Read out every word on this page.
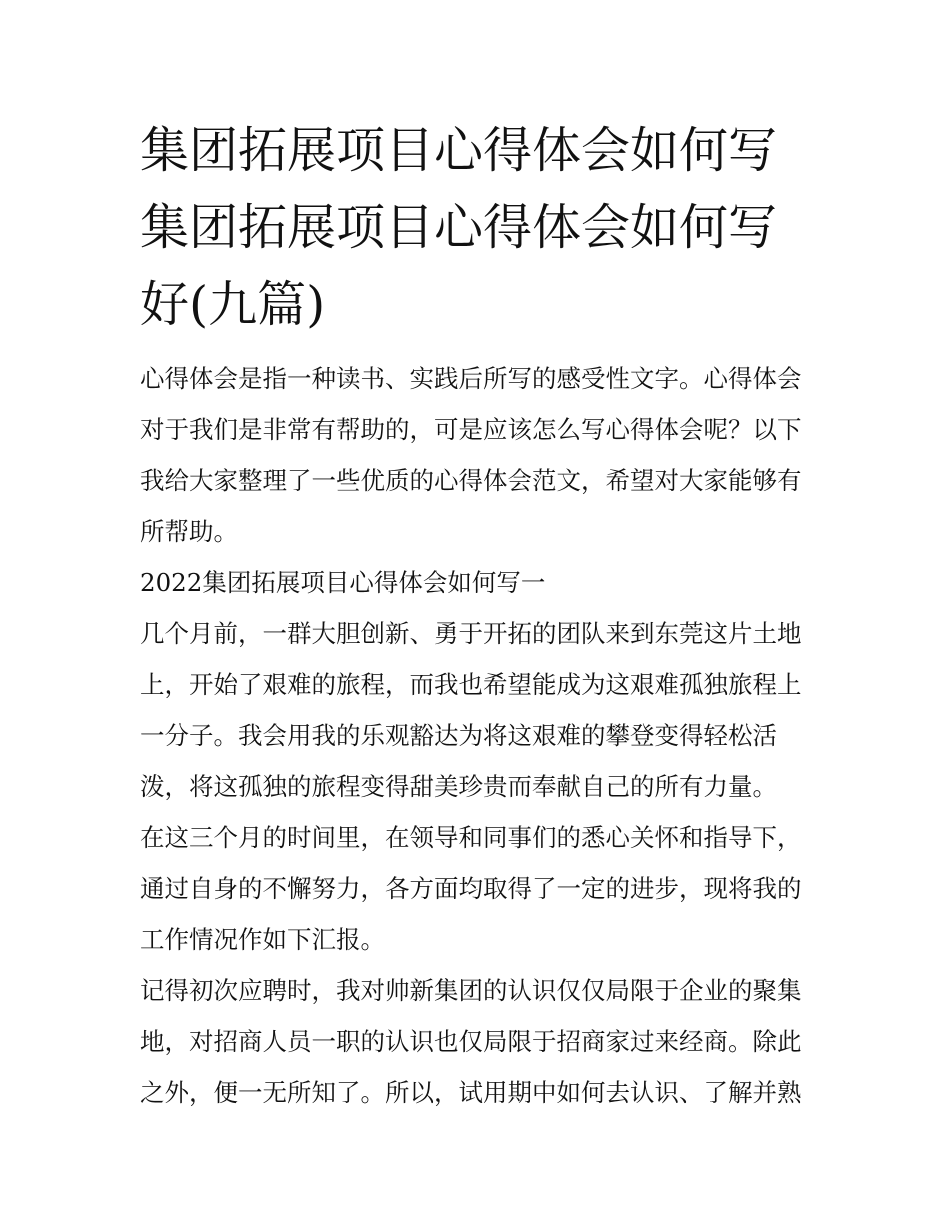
集团拓展项目心得体会如何写集团拓展项目心得体会如何写好(九篇)

心得体会是指一种读书、实践后所写的感受性文字。心得体会对于我们是非常有帮助的，可是应该怎么写心得体会呢？以下我给大家整理了一些优质的心得体会范文，希望对大家能够有所帮助。

2022集团拓展项目心得体会如何写一

几个月前，一群大胆创新、勇于开拓的团队来到东莞这片土地上，开始了艰难的旅程，而我也希望能成为这艰难孤独旅程上一分子。我会用我的乐观豁达为将这艰难的攀登变得轻松活泼，将这孤独的旅程变得甜美珍贵而奉献自己的所有力量。

在这三个月的时间里，在领导和同事们的悉心关怀和指导下，通过自身的不懈努力，各方面均取得了一定的进步，现将我的工作情况作如下汇报。

记得初次应聘时，我对帅新集团的认识仅仅局限于企业的聚集地，对招商人员一职的认识也仅局限于招商家过来经商。除此之外，便一无所知了。所以，试用期中如何去认识、了解并熟
